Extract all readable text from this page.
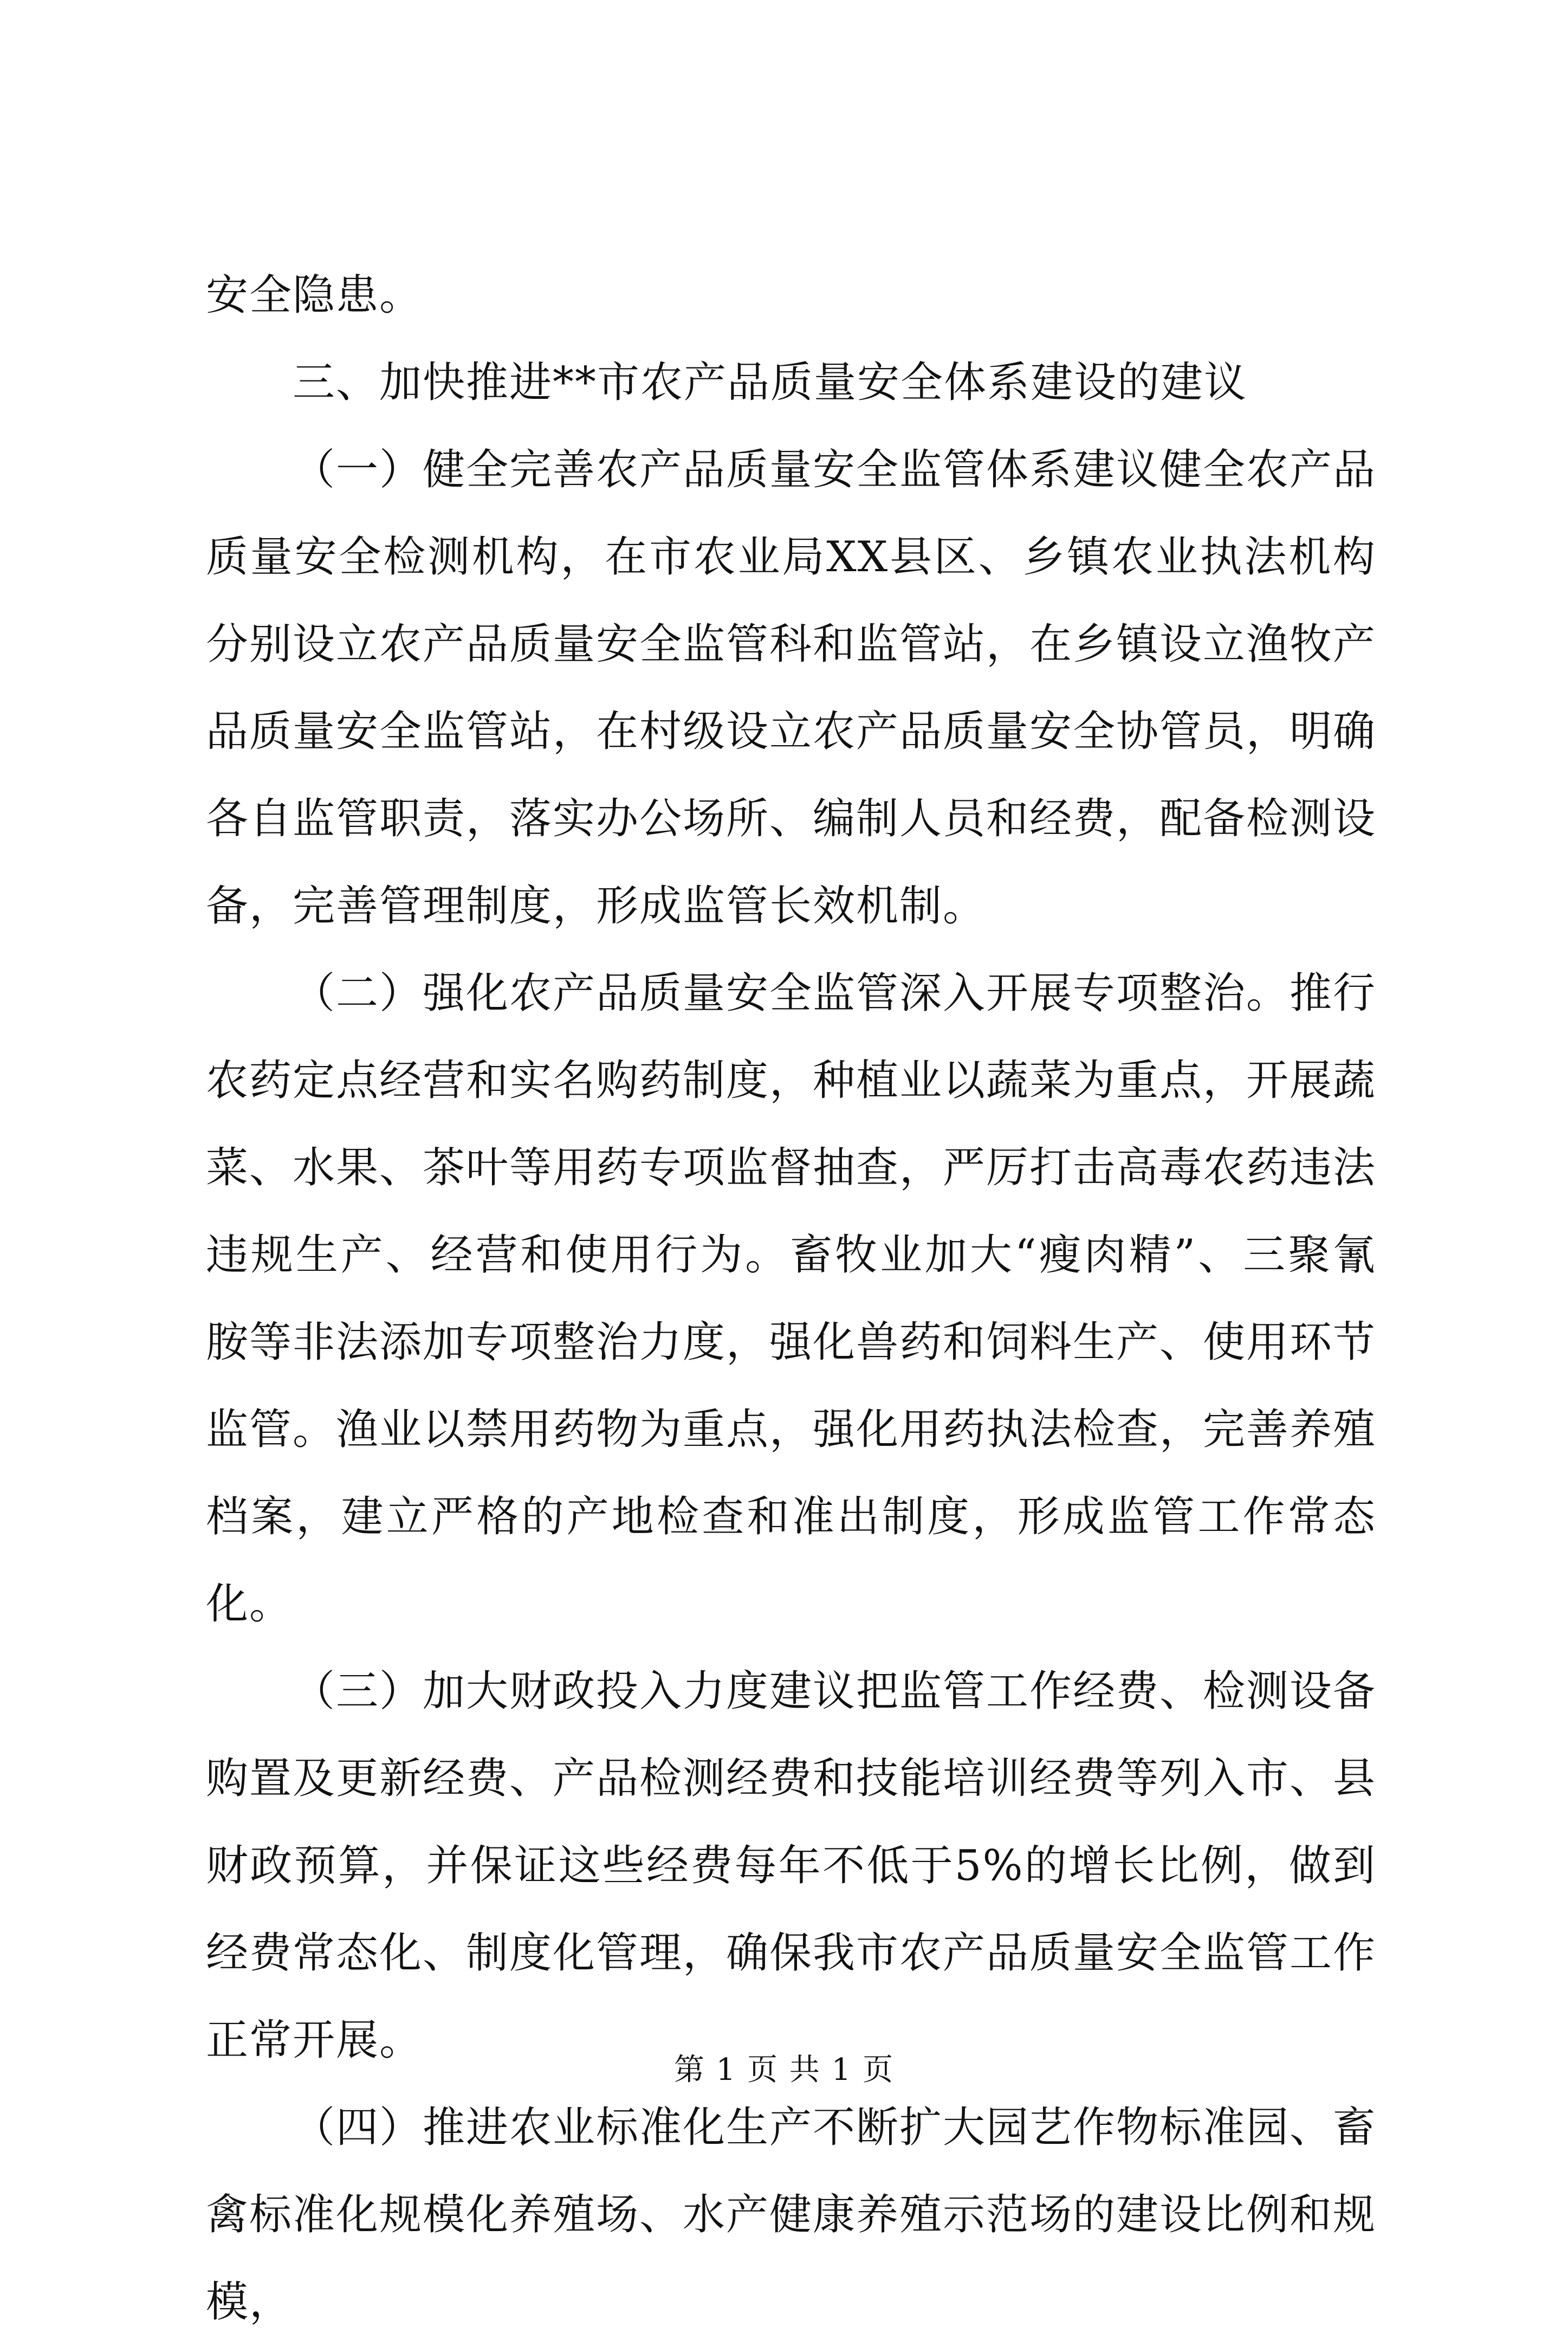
安全隐患。

三、加快推进**市农产品质量安全体系建设的建议

（一）健全完善农产品质量安全监管体系建议健全农产品质量安全检测机构，在市农业局XX县区、乡镇农业执法机构分别设立农产品质量安全监管科和监管站，在乡镇设立渔牧产品质量安全监管站，在村级设立农产品质量安全协管员，明确各自监管职责，落实办公场所、编制人员和经费，配备检测设备，完善管理制度，形成监管长效机制。

（二）强化农产品质量安全监管深入开展专项整治。推行农药定点经营和实名购药制度，种植业以蔬菜为重点，开展蔬菜、水果、茶叶等用药专项监督抽查，严厉打击高毒农药违法违规生产、经营和使用行为。畜牧业加大“瘦肉精”、三聚氰胺等非法添加专项整治力度，强化兽药和饲料生产、使用环节监管。渔业以禁用药物为重点，强化用药执法检查，完善养殖档案，建立严格的产地检查和准出制度，形成监管工作常态化。

（三）加大财政投入力度建议把监管工作经费、检测设备购置及更新经费、产品检测经费和技能培训经费等列入市、县财政预算，并保证这些经费每年不低于5%的增长比例，做到经费常态化、制度化管理，确保我市农产品质量安全监管工作正常开展。

（四）推进农业标准化生产不断扩大园艺作物标准园、畜禽标准化规模化养殖场、水产健康养殖示范场的建设比例和规模，

第 1 页 共 1 页
